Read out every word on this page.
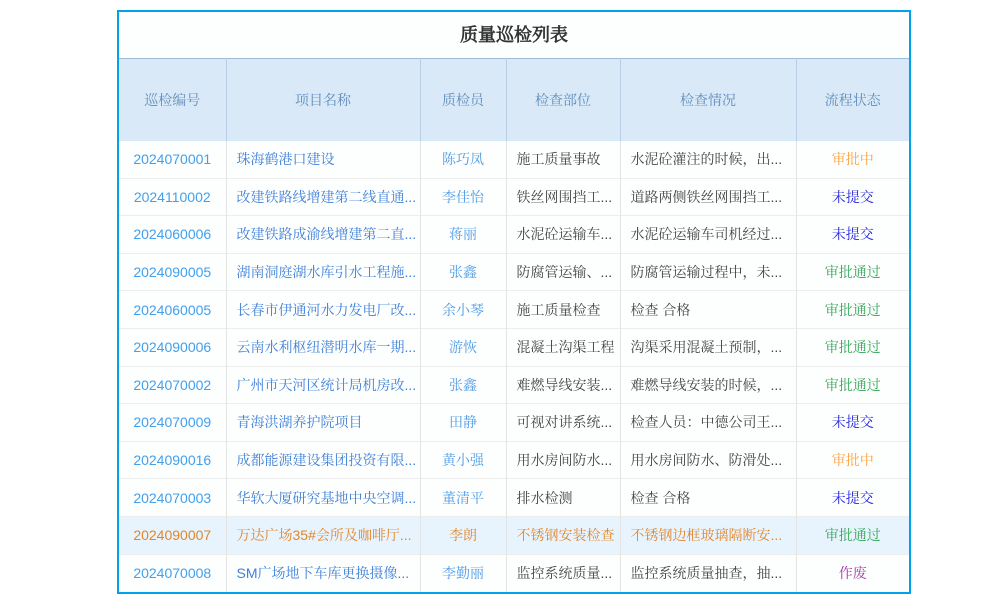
质量巡检列表
巡检编号	项目名称	质检员	检查部位	检查情况	流程状态
2024070001	珠海鹤港口建设	陈巧凤	施工质量事故	水泥砼灌注的时候，出...	审批中
2024110002	改建铁路线增建第二线直通...	李佳怡	铁丝网围挡工...	道路两侧铁丝网围挡工...	未提交
2024060006	改建铁路成渝线增建第二直...	蒋丽	水泥砼运输车...	水泥砼运输车司机经过...	未提交
2024090005	湖南洞庭湖水库引水工程施...	张鑫	防腐管运输、...	防腐管运输过程中，未...	审批通过
2024060005	长春市伊通河水力发电厂改...	余小琴	施工质量检查	检查 合格	审批通过
2024090006	云南水利枢纽潜明水库一期...	游恢	混凝土沟渠工程	沟渠采用混凝土预制，...	审批通过
2024070002	广州市天河区统计局机房改...	张鑫	难燃导线安装...	难燃导线安装的时候，...	审批通过
2024070009	青海洪湖养护院项目	田静	可视对讲系统...	检查人员：中德公司王...	未提交
2024090016	成都能源建设集团投资有限...	黄小强	用水房间防水...	用水房间防水、防滑处...	审批中
2024070003	华软大厦研究基地中央空调...	董清平	排水检测	检查 合格	未提交
2024090007	万达广场35#会所及咖啡厅...	李朗	不锈钢安装检查	不锈钢边框玻璃隔断安...	审批通过
2024070008	SM广场地下车库更换摄像...	李勤丽	监控系统质量...	监控系统质量抽查，抽...	作废
